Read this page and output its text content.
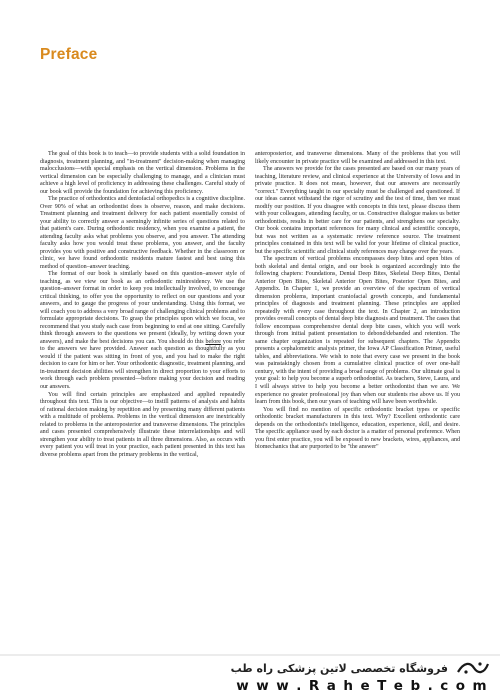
Preface

The goal of this book is to teach—to provide students with a solid foundation in diagnosis, treatment planning, and "in-treatment" decision-making when managing malocclusions—with special emphasis on the vertical dimension. Problems in the vertical dimension can be especially challenging to manage, and a clinician must achieve a high level of proficiency in addressing these challenges. Careful study of our book will provide the foundation for achieving this proficiency.

The practice of orthodontics and dentofacial orthopedics is a cognitive discipline. Over 90% of what an orthodontist does is observe, reason, and make decisions. Treatment planning and treatment delivery for each patient essentially consist of your ability to correctly answer a seemingly infinite series of questions related to that patient's care. During orthodontic residency, when you examine a patient, the attending faculty asks what problems you observe, and you answer. The attending faculty asks how you would treat these problems, you answer, and the faculty provides you with positive and constructive feedback. Whether in the classroom or clinic, we have found orthodontic residents mature fastest and best using this method of question–answer teaching.

The format of our book is similarly based on this question–answer style of teaching, as we view our book as an orthodontic miniresidency. We use the question–answer format in order to keep you intellectually involved, to encourage critical thinking, to offer you the opportunity to reflect on our questions and your answers, and to gauge the progress of your understanding. Using this format, we will coach you to address a very broad range of challenging clinical problems and to formulate appropriate decisions. To grasp the principles upon which we focus, we recommend that you study each case from beginning to end at one sitting. Carefully think through answers to the questions we present (ideally, by writing down your answers), and make the best decisions you can. You should do this before you refer to the answers we have provided. Answer each question as thoughtfully as you would if the patient was sitting in front of you, and you had to make the right decision to care for him or her. Your orthodontic diagnostic, treatment planning, and in-treatment decision abilities will strengthen in direct proportion to your efforts to work through each problem presented—before making your decision and reading our answers.

You will find certain principles are emphasized and applied repeatedly throughout this text. This is our objective—to instill patterns of analysis and habits of rational decision making by repetition and by presenting many different patients with a multitude of problems. Problems in the vertical dimension are inextricably related to problems in the anteroposterior and transverse dimensions. The principles and cases presented comprehensively illustrate these interrelationships and will strengthen your ability to treat patients in all three dimensions. Also, as occurs with every patient you will treat in your practice, each patient presented in this text has diverse problems apart from the primary problems in the vertical,

anteroposterior, and transverse dimensions. Many of the problems that you will likely encounter in private practice will be examined and addressed in this text.

The answers we provide for the cases presented are based on our many years of teaching, literature review, and clinical experience at the University of Iowa and in private practice. It does not mean, however, that our answers are necessarily "correct." Everything taught in our specialty must be challenged and questioned. If our ideas cannot withstand the rigor of scrutiny and the test of time, then we must modify our position. If you disagree with concepts in this text, please discuss them with your colleagues, attending faculty, or us. Constructive dialogue makes us better orthodontists, results in better care for our patients, and strengthens our specialty. Our book contains important references for many clinical and scientific concepts, but was not written as a systematic review reference source. The treatment principles contained in this text will be valid for your lifetime of clinical practice, but the specific scientific and clinical study references may change over the years.

The spectrum of vertical problems encompasses deep bites and open bites of both skeletal and dental origin, and our book is organized accordingly into the following chapters: Foundations, Dental Deep Bites, Skeletal Deep Bites, Dental Anterior Open Bites, Skeletal Anterior Open Bites, Posterior Open Bites, and Appendix. In Chapter 1, we provide an overview of the spectrum of vertical dimension problems, important craniofacial growth concepts, and fundamental principles of diagnosis and treatment planning. These principles are applied repeatedly with every case throughout the text. In Chapter 2, an introduction provides overall concepts of dental deep bite diagnosis and treatment. The cases that follow encompass comprehensive dental deep bite cases, which you will work through from initial patient presentation to debond/debanded and retention. The same chapter organization is repeated for subsequent chapters. The Appendix presents a cephalometric analysis primer, the Iowa AP Classification Primer, useful tables, and abbreviations. We wish to note that every case we present in the book was painstakingly chosen from a cumulative clinical practice of over one-half century, with the intent of providing a broad range of problems. Our ultimate goal is your goal: to help you become a superb orthodontist. As teachers, Steve, Laura, and I will always strive to help you become a better orthodontist than we are. We experience no greater professional joy than when our students rise above us. If you learn from this book, then our years of teaching will have been worthwhile.

You will find no mention of specific orthodontic bracket types or specific orthodontic bracket manufacturers in this text. Why? Excellent orthodontic care depends on the orthodontist's intelligence, education, experience, skill, and desire. The specific appliance used by each doctor is a matter of personal preference. When you first enter practice, you will be exposed to new brackets, wires, appliances, and biomechanics that are purported to be "the answer"

فروشگاه تخصصی لاتین پزشکی راه طب
w w w . R a h e T e b . c o m
